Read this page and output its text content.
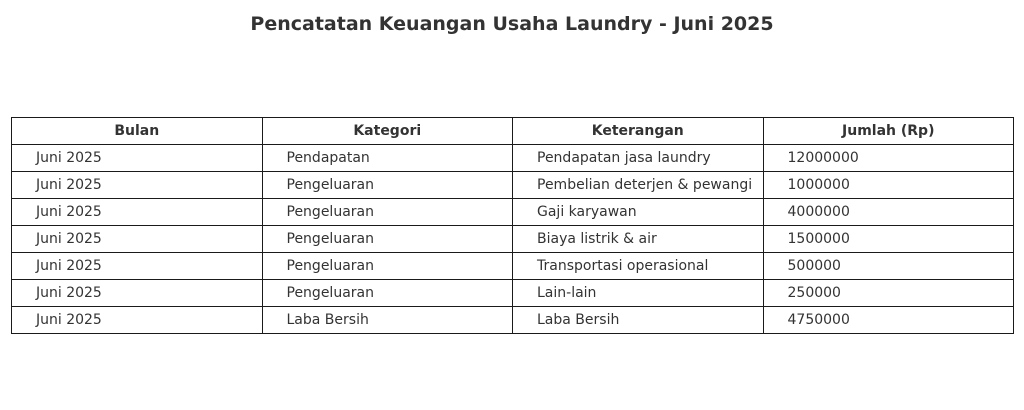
Pencatatan Keuangan Usaha Laundry - Juni 2025
Bulan	Kategori	Keterangan	Jumlah (Rp)
Juni 2025	Pendapatan	Pendapatan jasa laundry	12000000
Juni 2025	Pengeluaran	Pembelian deterjen & pewangi	1000000
Juni 2025	Pengeluaran	Gaji karyawan	4000000
Juni 2025	Pengeluaran	Biaya listrik & air	1500000
Juni 2025	Pengeluaran	Transportasi operasional	500000
Juni 2025	Pengeluaran	Lain-lain	250000
Juni 2025	Laba Bersih	Laba Bersih	4750000
